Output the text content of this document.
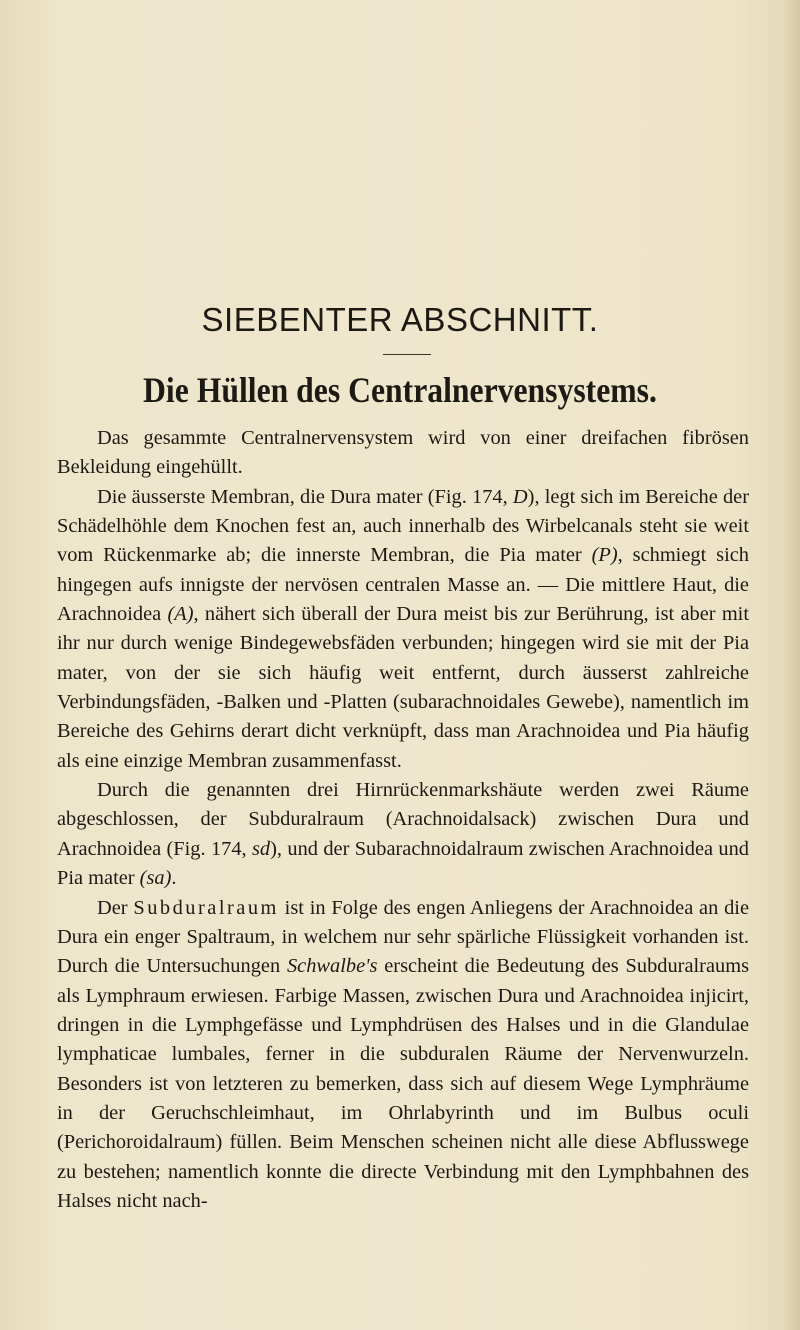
SIEBENTER ABSCHNITT.
Die Hüllen des Centralnervensystems.

Das gesammte Centralnervensystem wird von einer dreifachen fibrösen Bekleidung eingehüllt.

Die äusserste Membran, die Dura mater (Fig. 174, D), legt sich im Bereiche der Schädelhöhle dem Knochen fest an, auch innerhalb des Wirbelcanals steht sie weit vom Rückenmarke ab; die innerste Membran, die Pia mater (P), schmiegt sich hingegen aufs innigste der nervösen centralen Masse an. — Die mittlere Haut, die Arachnoidea (A), nähert sich überall der Dura meist bis zur Berührung, ist aber mit ihr nur durch wenige Bindegewebsfäden verbunden; hingegen wird sie mit der Pia mater, von der sie sich häufig weit entfernt, durch äusserst zahlreiche Verbindungsfäden, -Balken und -Platten (subarachnoidales Gewebe), namentlich im Bereiche des Gehirns derart dicht verknüpft, dass man Arachnoidea und Pia häufig als eine einzige Membran zusammenfasst.

Durch die genannten drei Hirnrückenmarkshäute werden zwei Räume abgeschlossen, der Subduralraum (Arachnoidalsack) zwischen Dura und Arachnoidea (Fig. 174, sd), und der Subarachnoidalraum zwischen Arachnoidea und Pia mater (sa).

Der Subduralraum ist in Folge des engen Anliegens der Arachnoidea an die Dura ein enger Spaltraum, in welchem nur sehr spärliche Flüssigkeit vorhanden ist. Durch die Untersuchungen Schwalbe's erscheint die Bedeutung des Subduralraums als Lymphraum erwiesen. Farbige Massen, zwischen Dura und Arachnoidea injicirt, dringen in die Lymphgefässe und Lymphdrüsen des Halses und in die Glandulae lymphaticae lumbales, ferner in die subduralen Räume der Nervenwurzeln. Besonders ist von letzteren zu bemerken, dass sich auf diesem Wege Lymphräume in der Geruchschleimhaut, im Ohrlabyrinth und im Bulbus oculi (Perichoroidalraum) füllen. Beim Menschen scheinen nicht alle diese Abflusswege zu bestehen; namentlich konnte die directe Verbindung mit den Lymphbahnen des Halses nicht nach-
